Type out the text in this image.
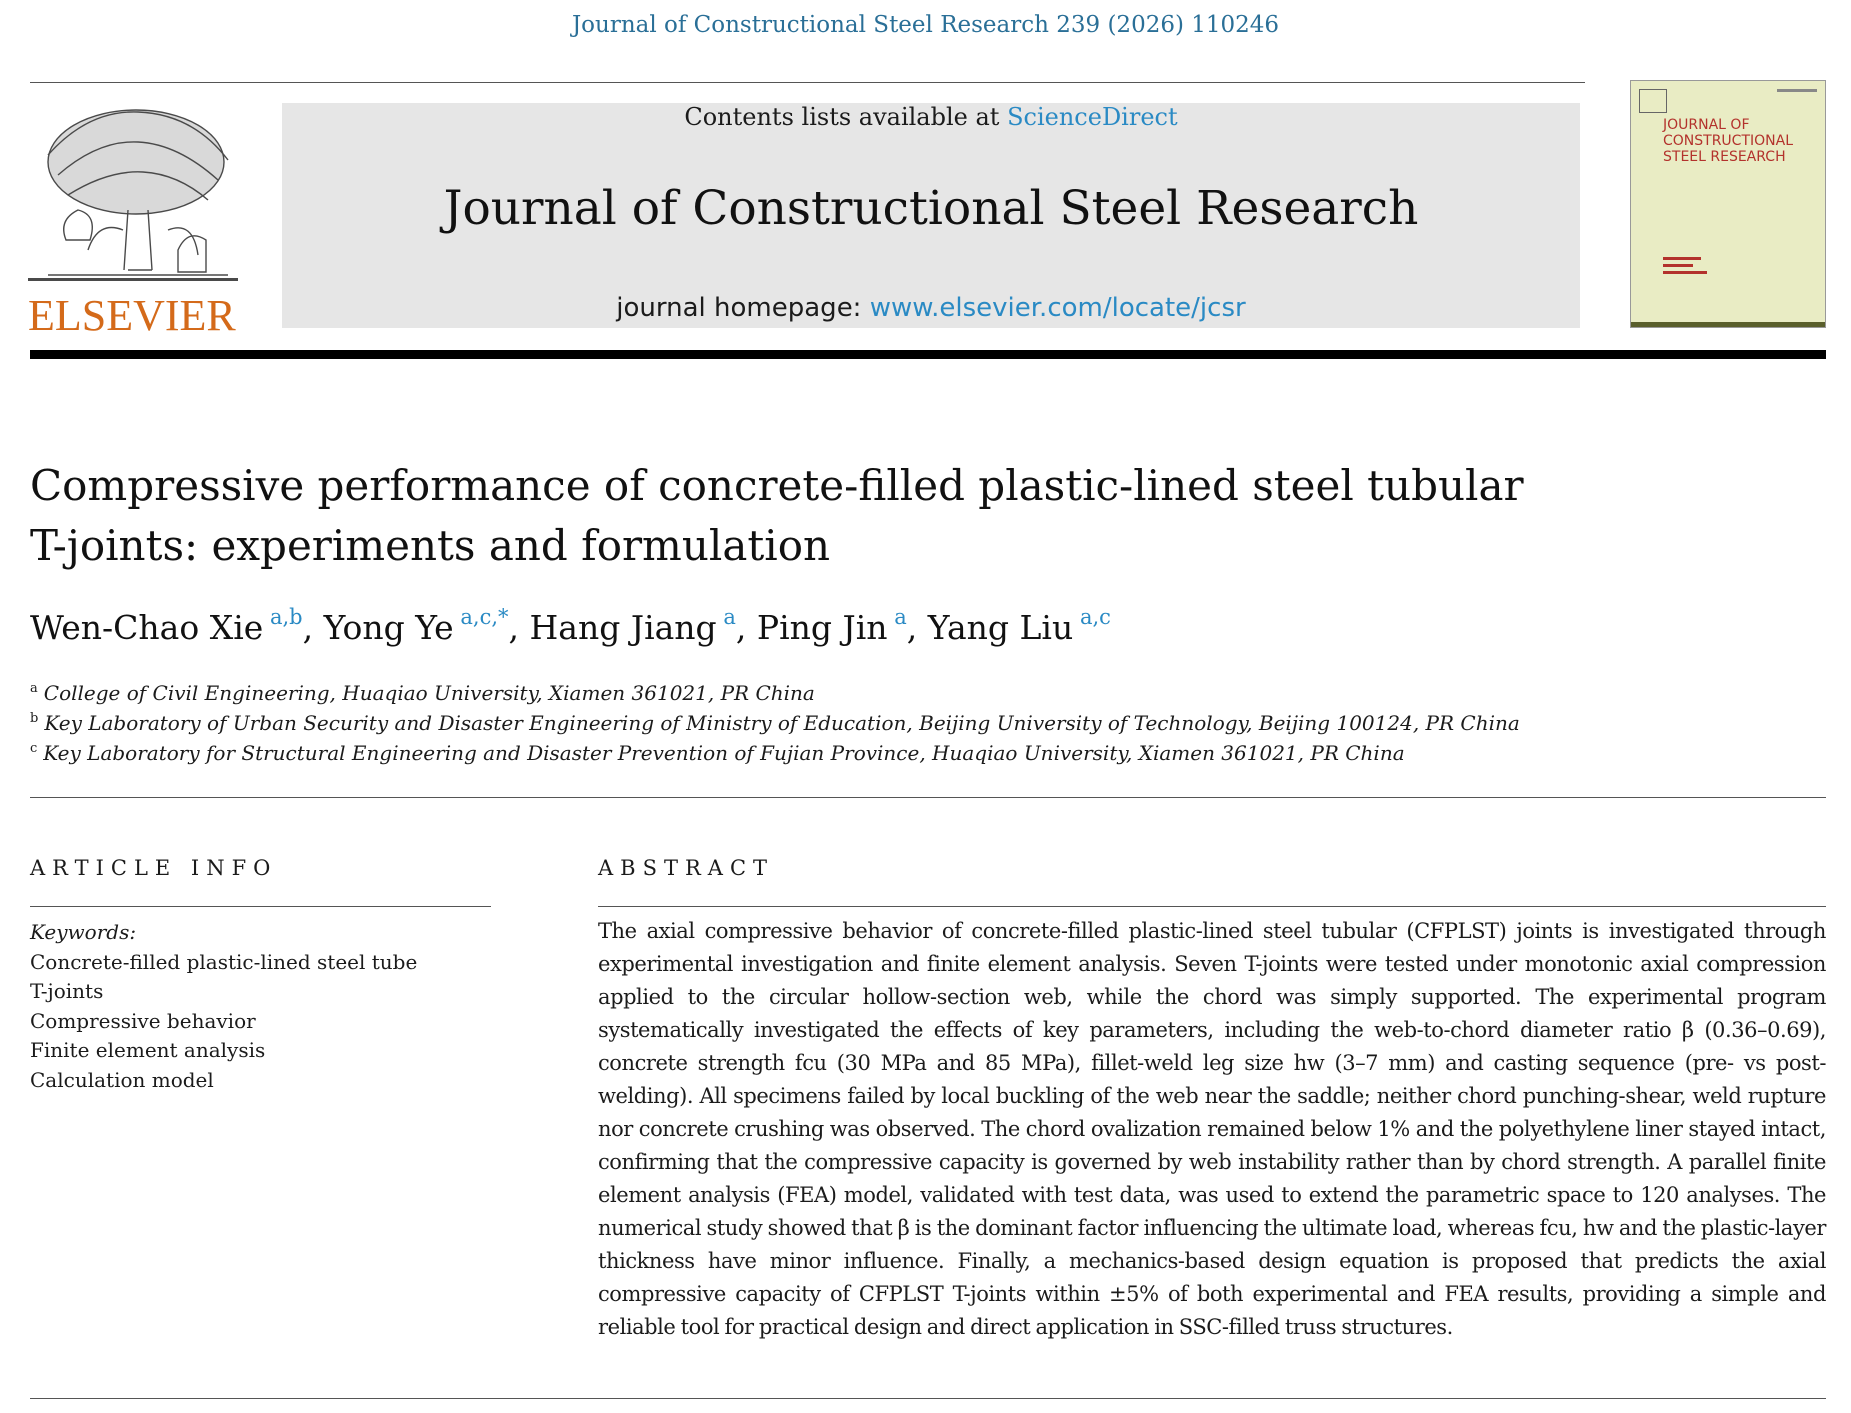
Journal of Constructional Steel Research 239 (2026) 110246
ELSEVIER
Contents lists available at ScienceDirect
Journal of Constructional Steel Research
journal homepage: www.elsevier.com/locate/jcsr
JOURNAL OF CONSTRUCTIONAL STEEL RESEARCH
Compressive performance of concrete-filled plastic-lined steel tubular
T-joints: experiments and formulation
Wen-Chao Xie $^{a,b}$, Yong Ye $^{a,c,*}$, Hang Jiang $^a$, Ping Jin $^a$, Yang Liu $^{a,c}$
$^a$ College of Civil Engineering, Huaqiao University, Xiamen 361021, PR China
$^b$ Key Laboratory of Urban Security and Disaster Engineering of Ministry of Education, Beijing University of Technology, Beijing 100124, PR China
$^c$ Key Laboratory for Structural Engineering and Disaster Prevention of Fujian Province, Huaqiao University, Xiamen 361021, PR China
ARTICLE INFO	ABSTRACT
Keywords:
Concrete-filled plastic-lined steel tube
T-joints
Compressive behavior
Finite element analysis
Calculation model
The axial compressive behavior of concrete-filled plastic-lined steel tubular (CFPLST) joints is investigated through experimental investigation and finite element analysis. Seven T-joints were tested under monotonic axial compression applied to the circular hollow-section web, while the chord was simply supported. The experimental program systematically investigated the effects of key parameters, including the web-to-chord diameter ratio β (0.36–0.69), concrete strength fcu (30 MPa and 85 MPa), fillet-weld leg size hw (3–7 mm) and casting sequence (pre- vs post-welding). All specimens failed by local buckling of the web near the saddle; neither chord punching-shear, weld rupture nor concrete crushing was observed. The chord ovalization remained below 1% and the polyethylene liner stayed intact, confirming that the compressive capacity is governed by web instability rather than by chord strength. A parallel finite element analysis (FEA) model, validated with test data, was used to extend the parametric space to 120 analyses. The numerical study showed that β is the dominant factor influencing the ultimate load, whereas fcu, hw and the plastic-layer thickness have minor influence. Finally, a mechanics-based design equation is proposed that predicts the axial compressive capacity of CFPLST T-joints within ±5% of both experimental and FEA results, providing a simple and reliable tool for practical design and direct application in SSC-filled truss structures.
